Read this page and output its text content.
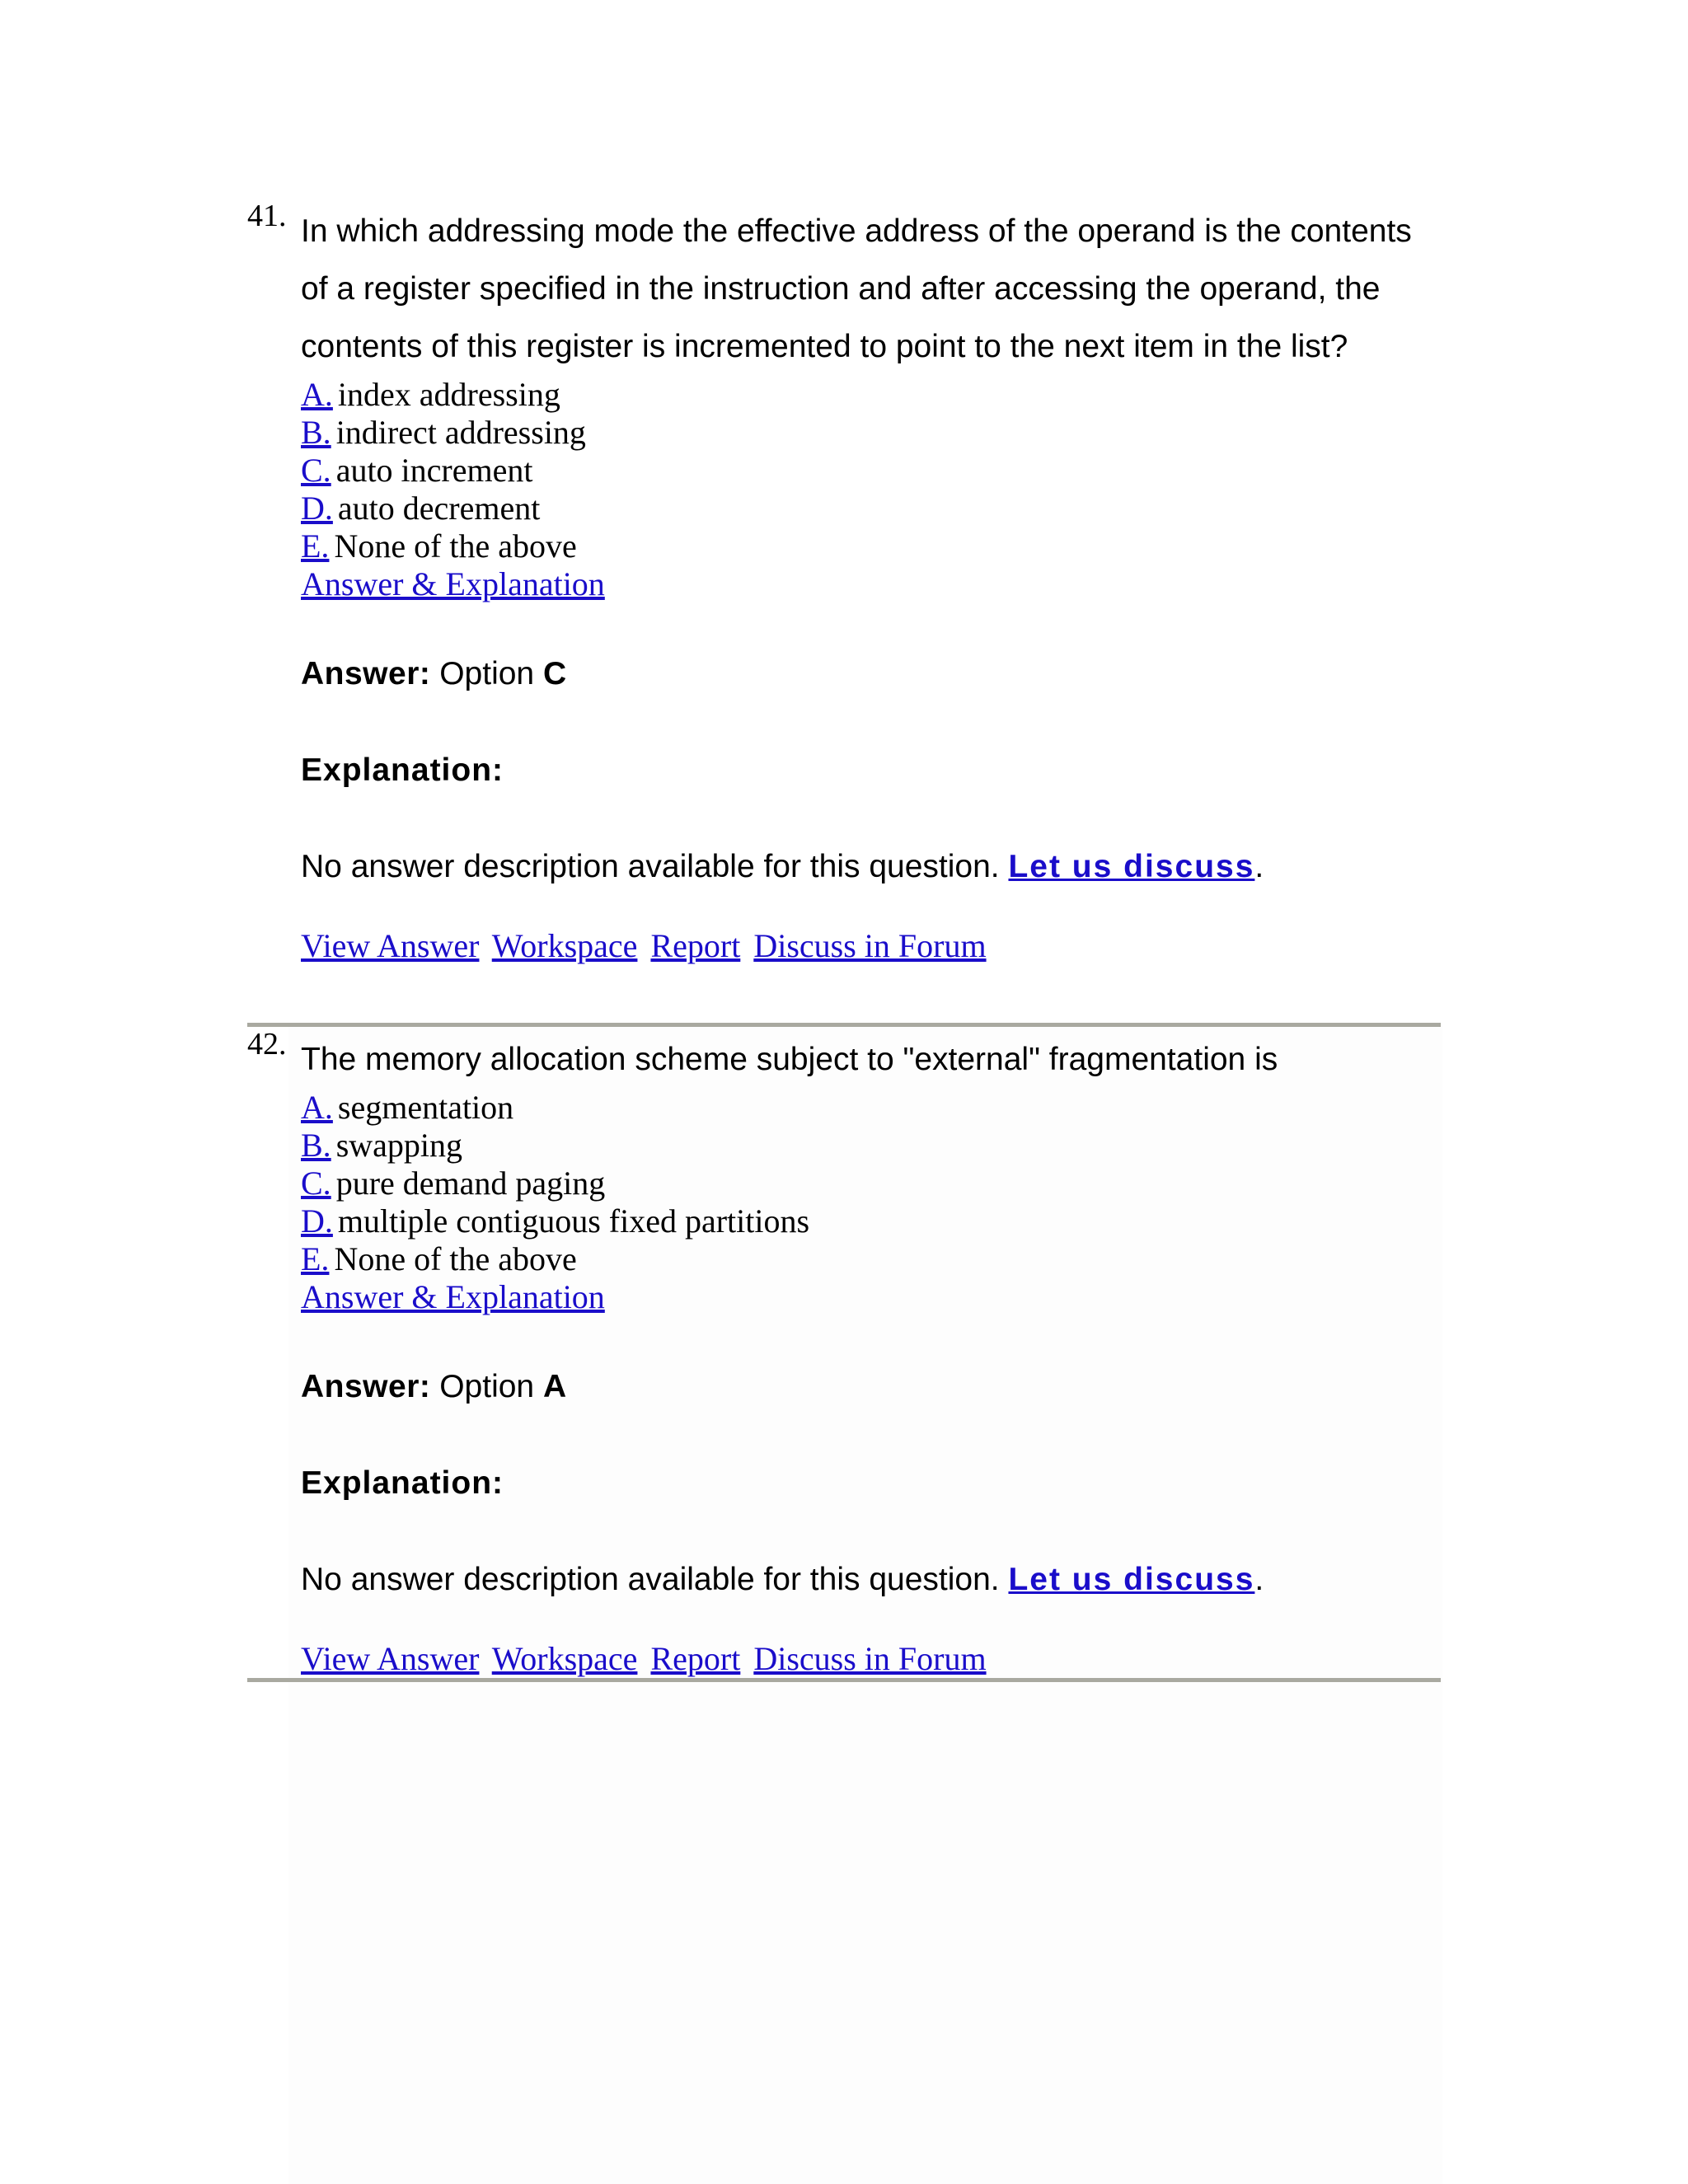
41. In which addressing mode the effective address of the operand is the contents of a register specified in the instruction and after accessing the operand, the contents of this register is incremented to point to the next item in the list?

A. index addressing
B. indirect addressing
C. auto increment
D. auto decrement
E. None of the above
Answer & Explanation
Answer: Option C
Explanation:
No answer description available for this question. Let us discuss.
View Answer Workspace Report Discuss in Forum
42. The memory allocation scheme subject to "external" fragmentation is

A. segmentation
B. swapping
C. pure demand paging
D. multiple contiguous fixed partitions
E. None of the above
Answer & Explanation
Answer: Option A
Explanation:
No answer description available for this question. Let us discuss.
View Answer Workspace Report Discuss in Forum
